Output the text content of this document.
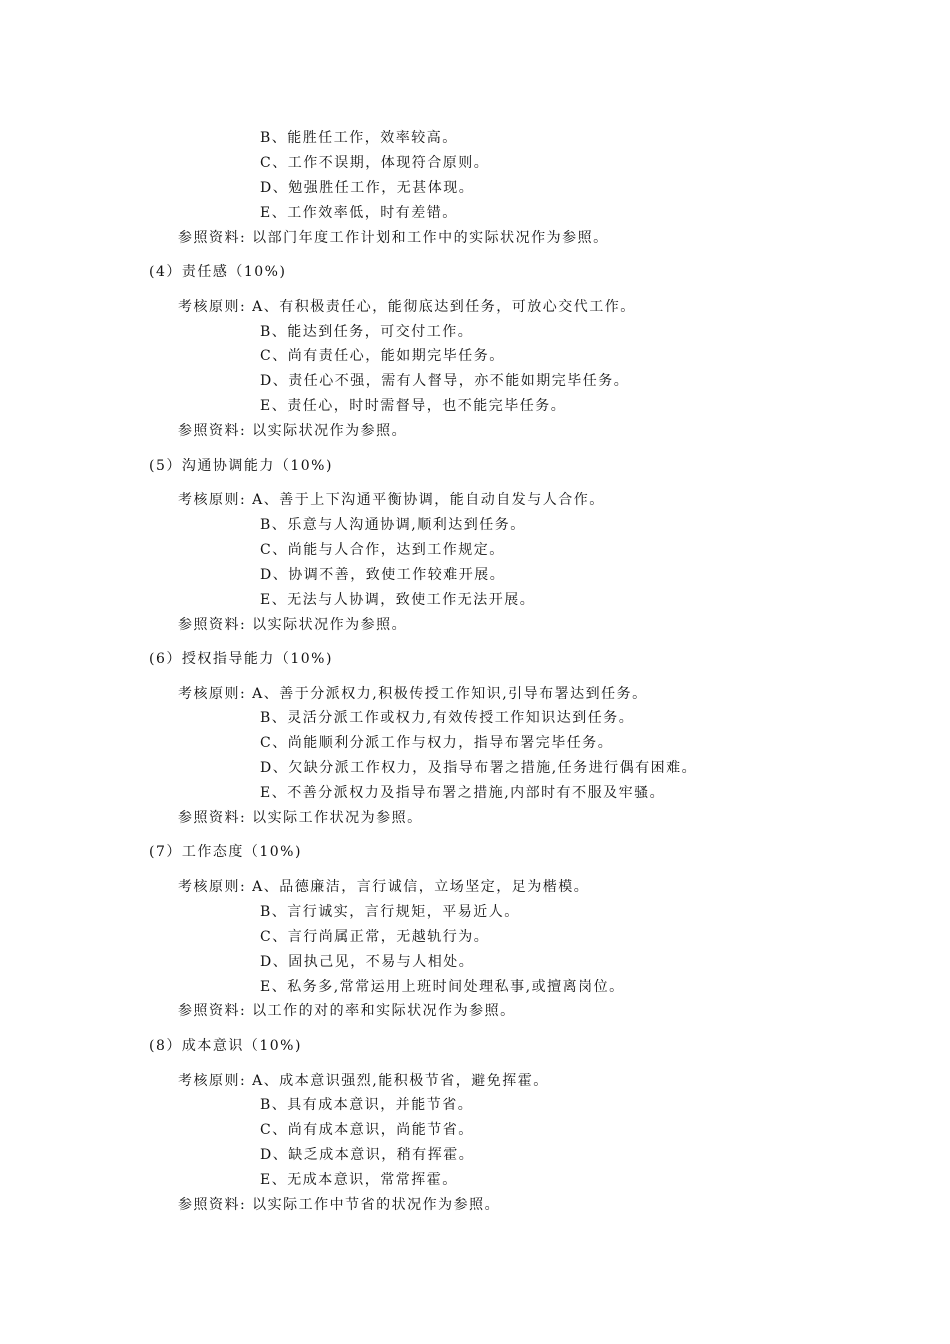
B、能胜任工作，效率较高。
C、工作不误期，体现符合原则。
D、勉强胜任工作，无甚体现。
E、工作效率低，时有差错。
参照资料: 以部门年度工作计划和工作中的实际状况作为参照。
(4）责任感（10%)
考核原则: A、有积极责任心，能彻底达到任务，可放心交代工作。
B、能达到任务，可交付工作。
C、尚有责任心，能如期完毕任务。
D、责任心不强，需有人督导，亦不能如期完毕任务。
E、责任心，时时需督导，也不能完毕任务。
参照资料: 以实际状况作为参照。
(5）沟通协调能力（10%)
考核原则: A、善于上下沟通平衡协调，能自动自发与人合作。
B、乐意与人沟通协调,顺利达到任务。
C、尚能与人合作，达到工作规定。
D、协调不善，致使工作较难开展。
E、无法与人协调，致使工作无法开展。
参照资料: 以实际状况作为参照。
(6）授权指导能力（10%)
考核原则: A、善于分派权力,积极传授工作知识,引导布署达到任务。
B、灵活分派工作或权力,有效传授工作知识达到任务。
C、尚能顺利分派工作与权力，指导布署完毕任务。
D、欠缺分派工作权力，及指导布署之措施,任务进行偶有困难。
E、不善分派权力及指导布署之措施,内部时有不服及牢骚。
参照资料: 以实际工作状况为参照。
(7）工作态度（10%)
考核原则: A、品德廉洁，言行诚信，立场坚定，足为楷模。
B、言行诚实，言行规矩，平易近人。
C、言行尚属正常，无越轨行为。
D、固执己见，不易与人相处。
E、私务多,常常运用上班时间处理私事,或擅离岗位。
参照资料: 以工作的对的率和实际状况作为参照。
(8）成本意识（10%)
考核原则: A、成本意识强烈,能积极节省，避免挥霍。
B、具有成本意识，并能节省。
C、尚有成本意识，尚能节省。
D、缺乏成本意识，稍有挥霍。
E、无成本意识，常常挥霍。
参照资料: 以实际工作中节省的状况作为参照。
